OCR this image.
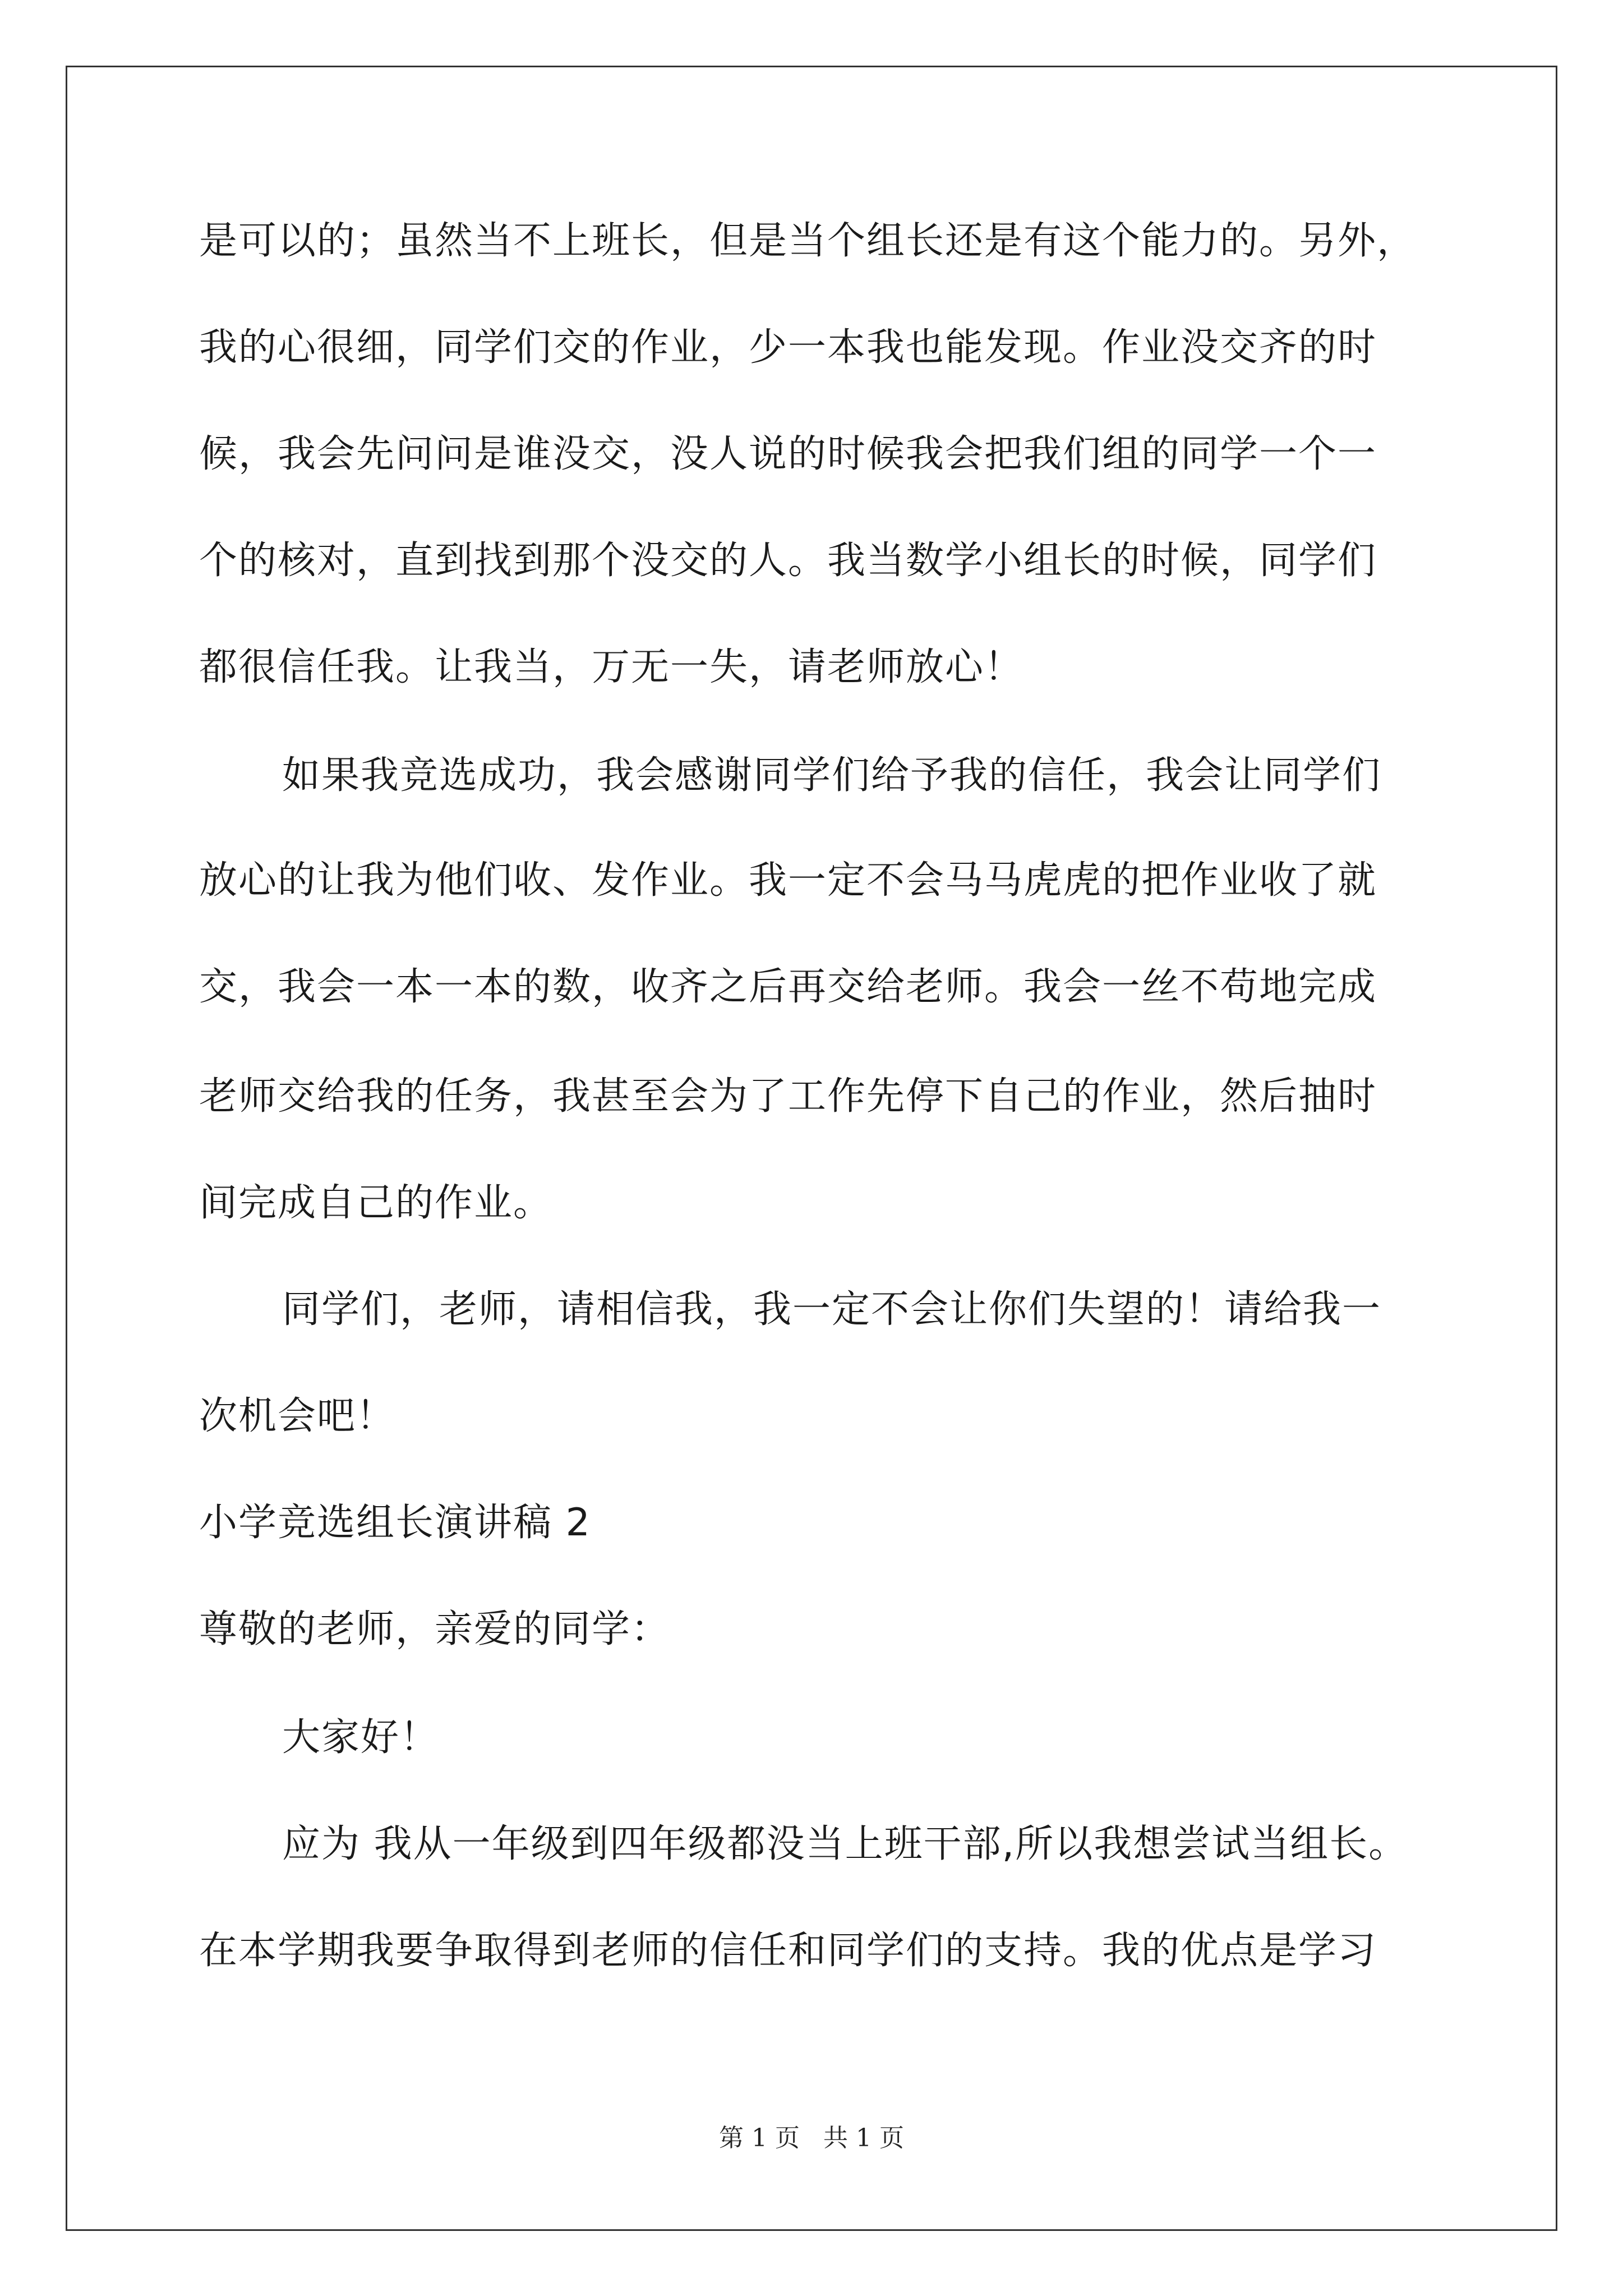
是可以的；虽然当不上班长，但是当个组长还是有这个能力的。另外，

我的心很细，同学们交的作业，少一本我也能发现。作业没交齐的时

候，我会先问问是谁没交，没人说的时候我会把我们组的同学一个一

个的核对，直到找到那个没交的人。我当数学小组长的时候，同学们

都很信任我。让我当，万无一失，请老师放心！

如果我竞选成功，我会感谢同学们给予我的信任，我会让同学们

放心的让我为他们收、发作业。我一定不会马马虎虎的把作业收了就

交，我会一本一本的数，收齐之后再交给老师。我会一丝不苟地完成

老师交给我的任务，我甚至会为了工作先停下自己的作业，然后抽时

间完成自己的作业。

同学们，老师，请相信我，我一定不会让你们失望的！请给我一

次机会吧！

小学竞选组长演讲稿 2

尊敬的老师，亲爱的同学：

大家好！

应为 我从一年级到四年级都没当上班干部,所以我想尝试当组长。

在本学期我要争取得到老师的信任和同学们的支持。我的优点是学习

第 1 页   共 1 页
